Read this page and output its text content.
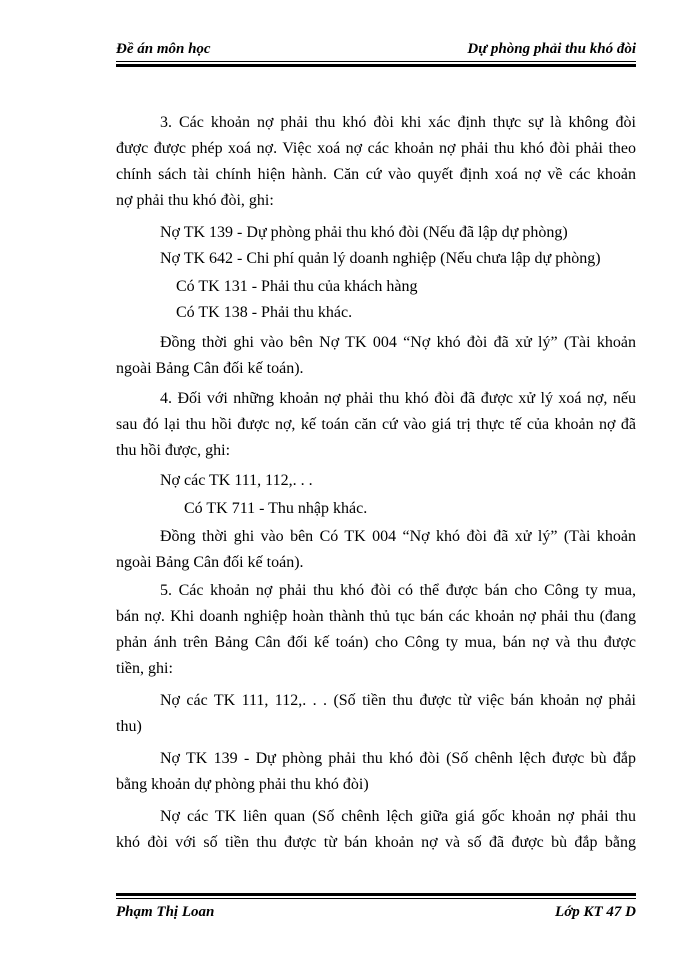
Đề án môn học	Dự phòng phải thu khó đòi
3. Các khoản nợ phải thu khó đòi khi xác định thực sự là không đòi
được được phép xoá nợ. Việc xoá nợ các khoản nợ phải thu khó đòi phải theo
chính sách tài chính hiện hành. Căn cứ vào quyết định xoá nợ về các khoản
nợ phải thu khó đòi, ghi:
Nợ TK 139 - Dự phòng phải thu khó đòi (Nếu đã lập dự phòng)
Nợ TK 642 - Chi phí quản lý doanh nghiệp (Nếu chưa lập dự phòng)
Có TK 131 - Phải thu của khách hàng
Có TK 138 - Phải thu khác.
Đồng thời ghi vào bên Nợ TK 004 “Nợ khó đòi đã xử lý” (Tài khoản
ngoài Bảng Cân đối kế toán).
4. Đối với những khoản nợ phải thu khó đòi đã được xử lý xoá nợ, nếu
sau đó lại thu hồi được nợ, kế toán căn cứ vào giá trị thực tế của khoản nợ đã
thu hồi được, ghi:
Nợ các TK 111, 112,. . .
Có TK 711 - Thu nhập khác.
Đồng thời ghi vào bên Có TK 004 “Nợ khó đòi đã xử lý” (Tài khoản
ngoài Bảng Cân đối kế toán).
5. Các khoản nợ phải thu khó đòi có thể được bán cho Công ty mua,
bán nợ. Khi doanh nghiệp hoàn thành thủ tục bán các khoản nợ phải thu (đang
phản ánh trên Bảng Cân đối kế toán) cho Công ty mua, bán nợ và thu được
tiền, ghi:
Nợ các TK 111, 112,. . . (Số tiền thu được từ việc bán khoản nợ phải
thu)
Nợ TK 139 - Dự phòng phải thu khó đòi (Số chênh lệch được bù đắp
bằng khoản dự phòng phải thu khó đòi)
Nợ các TK liên quan (Số chênh lệch giữa giá gốc khoản nợ phải thu
khó đòi với số tiền thu được từ bán khoản nợ và số đã được bù đắp bằng
Phạm Thị Loan	Lớp KT 47 D
